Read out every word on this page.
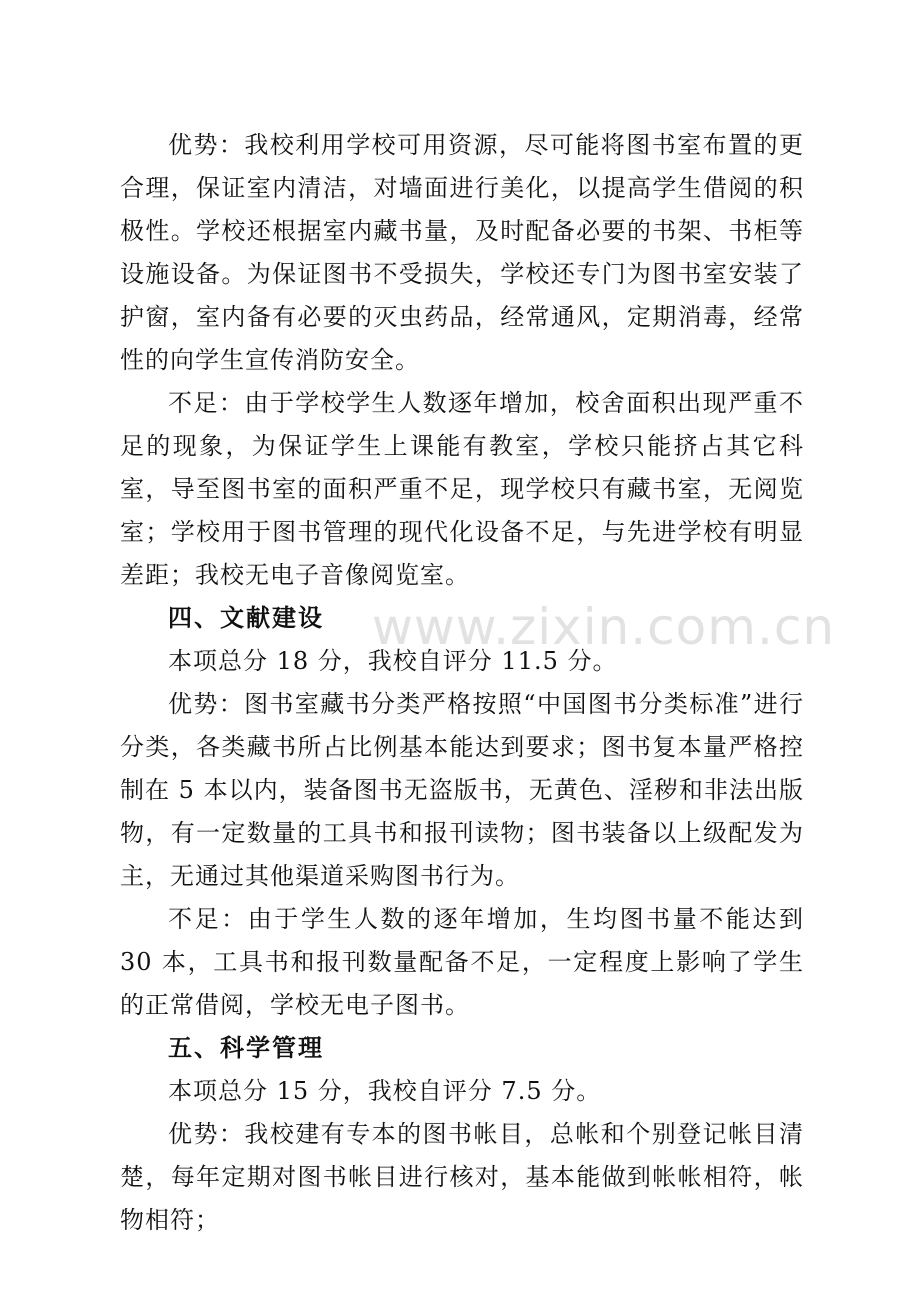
www.zixin.com.cn

优势：我校利用学校可用资源，尽可能将图书室布置的更合理，保证室内清洁，对墙面进行美化，以提高学生借阅的积极性。学校还根据室内藏书量，及时配备必要的书架、书柜等设施设备。为保证图书不受损失，学校还专门为图书室安装了护窗，室内备有必要的灭虫药品，经常通风，定期消毒，经常性的向学生宣传消防安全。

不足：由于学校学生人数逐年增加，校舍面积出现严重不足的现象，为保证学生上课能有教室，学校只能挤占其它科室，导至图书室的面积严重不足，现学校只有藏书室，无阅览室；学校用于图书管理的现代化设备不足，与先进学校有明显差距；我校无电子音像阅览室。

四、文献建设

本项总分 18 分，我校自评分 11.5 分。

优势：图书室藏书分类严格按照“中国图书分类标准”进行分类，各类藏书所占比例基本能达到要求；图书复本量严格控制在 5 本以内，装备图书无盗版书，无黄色、淫秽和非法出版物，有一定数量的工具书和报刊读物；图书装备以上级配发为主，无通过其他渠道采购图书行为。

不足：由于学生人数的逐年增加，生均图书量不能达到 30 本，工具书和报刊数量配备不足，一定程度上影响了学生的正常借阅，学校无电子图书。

五、科学管理

本项总分 15 分，我校自评分 7.5 分。

优势：我校建有专本的图书帐目，总帐和个别登记帐目清楚，每年定期对图书帐目进行核对，基本能做到帐帐相符，帐物相符；
